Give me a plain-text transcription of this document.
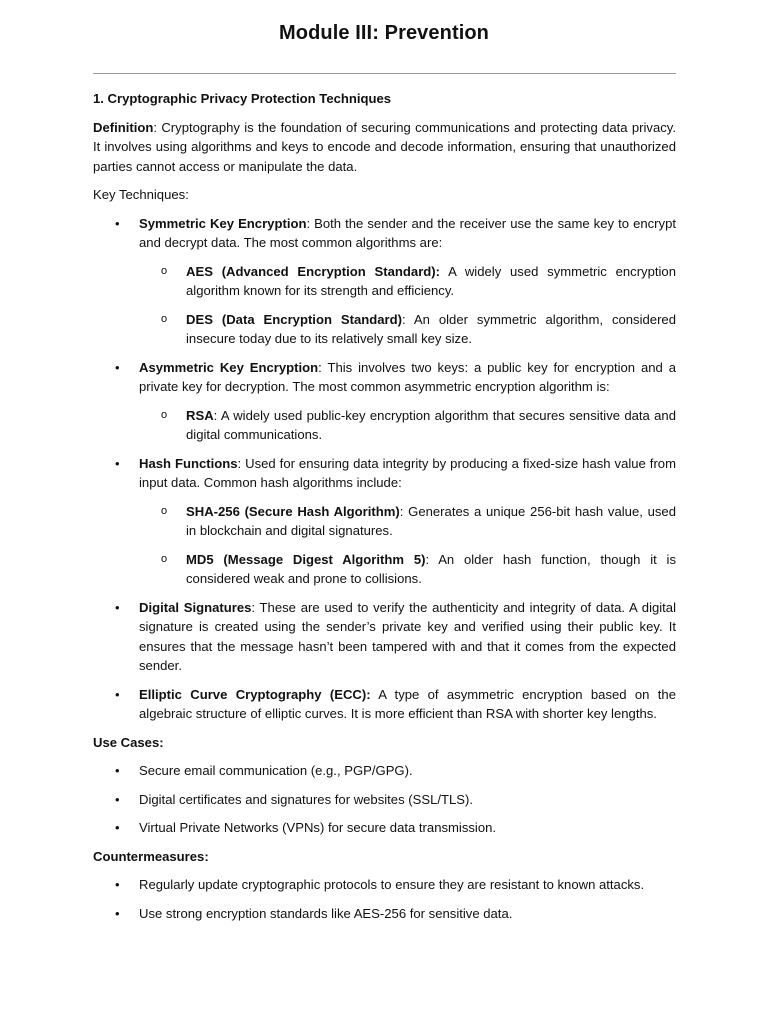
Module III: Prevention

1. Cryptographic Privacy Protection Techniques

Definition: Cryptography is the foundation of securing communications and protecting data privacy. It involves using algorithms and keys to encode and decode information, ensuring that unauthorized parties cannot access or manipulate the data.

Key Techniques:

• Symmetric Key Encryption: Both the sender and the receiver use the same key to encrypt and decrypt data. The most common algorithms are:
o AES (Advanced Encryption Standard): A widely used symmetric encryption algorithm known for its strength and efficiency.
o DES (Data Encryption Standard): An older symmetric algorithm, considered insecure today due to its relatively small key size.
• Asymmetric Key Encryption: This involves two keys: a public key for encryption and a private key for decryption. The most common asymmetric encryption algorithm is:
o RSA: A widely used public-key encryption algorithm that secures sensitive data and digital communications.
• Hash Functions: Used for ensuring data integrity by producing a fixed-size hash value from input data. Common hash algorithms include:
o SHA-256 (Secure Hash Algorithm): Generates a unique 256-bit hash value, used in blockchain and digital signatures.
o MD5 (Message Digest Algorithm 5): An older hash function, though it is considered weak and prone to collisions.
• Digital Signatures: These are used to verify the authenticity and integrity of data. A digital signature is created using the sender’s private key and verified using their public key. It ensures that the message hasn’t been tampered with and that it comes from the expected sender.
• Elliptic Curve Cryptography (ECC): A type of asymmetric encryption based on the algebraic structure of elliptic curves. It is more efficient than RSA with shorter key lengths.

Use Cases:

• Secure email communication (e.g., PGP/GPG).
• Digital certificates and signatures for websites (SSL/TLS).
• Virtual Private Networks (VPNs) for secure data transmission.

Countermeasures:

• Regularly update cryptographic protocols to ensure they are resistant to known attacks.
• Use strong encryption standards like AES-256 for sensitive data.
